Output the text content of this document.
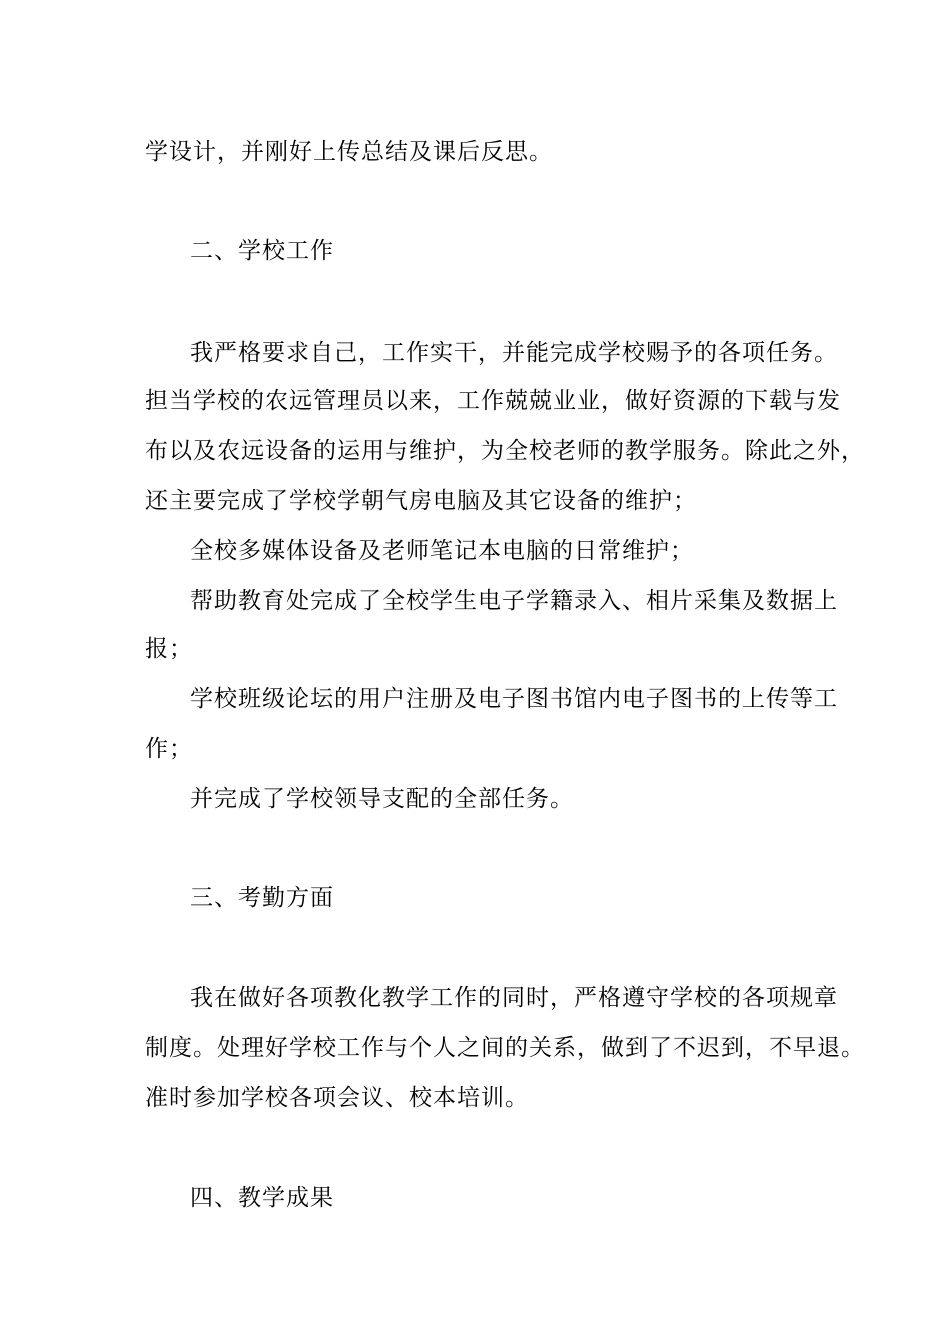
学设计，并刚好上传总结及课后反思。
二、学校工作
我严格要求自己，工作实干，并能完成学校赐予的各项任务。
担当学校的农远管理员以来，工作兢兢业业，做好资源的下载与发
布以及农远设备的运用与维护，为全校老师的教学服务。除此之外，
还主要完成了学校学朝气房电脑及其它设备的维护；
全校多媒体设备及老师笔记本电脑的日常维护；
帮助教育处完成了全校学生电子学籍录入、相片采集及数据上
报；
学校班级论坛的用户注册及电子图书馆内电子图书的上传等工
作；
并完成了学校领导支配的全部任务。
三、考勤方面
我在做好各项教化教学工作的同时，严格遵守学校的各项规章
制度。处理好学校工作与个人之间的关系，做到了不迟到，不早退。
准时参加学校各项会议、校本培训。
四、教学成果
